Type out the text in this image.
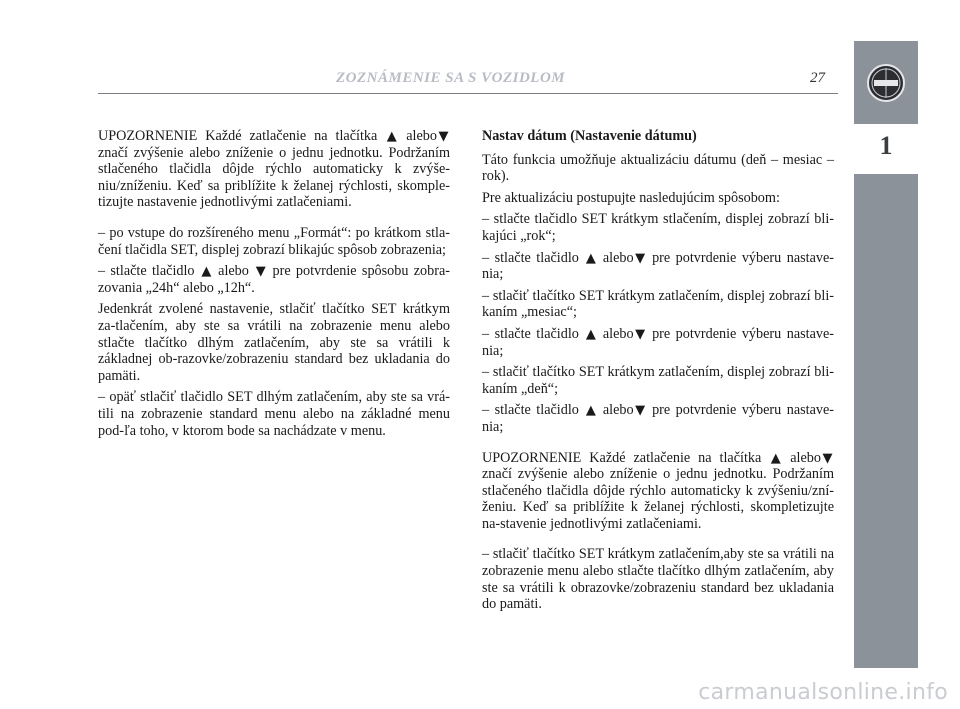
ZOZNÁMENIE SA S VOZIDLOM	27
1

UPOZORNENIE Každé zatlačenie na tlačítka ▲ alebo ▼ značí zvýšenie alebo zníženie o jednu jednotku. Podržaním stlačeného tlačidla dôjde rýchlo automaticky k zvýše-niu/zníženiu. Keď sa priblížite k želanej rýchlosti, skomple-tizujte nastavenie jednotlivými zatlačeniami.

– po vstupe do rozšíreného menu „Formát“: po krátkom stla-čení tlačidla SET, displej zobrazí blikajúc spôsob zobrazenia;

– stlačte tlačidlo ▲ alebo ▼ pre potvrdenie spôsobu zobra-zovania „24h“ alebo „12h“.

Jedenkrát zvolené nastavenie, stlačiť tlačítko SET krátkym za-tlačením, aby ste sa vrátili na zobrazenie menu alebo stlačte tlačítko dlhým zatlačením, aby ste sa vrátili k základnej ob-razovke/zobrazeniu standard bez ukladania do pamäti.

– opäť stlačiť tlačidlo SET dlhým zatlačením, aby ste sa vrá-tili na zobrazenie standard menu alebo na základné menu pod-ľa toho, v ktorom bode sa nachádzate v menu.

Nastav dátum (Nastavenie dátumu)

Táto funkcia umožňuje aktualizáciu dátumu (deň – mesiac – rok).

Pre aktualizáciu postupujte nasledujúcim spôsobom:

– stlačte tlačidlo SET krátkym stlačením, displej zobrazí bli-kajúci „rok“;

– stlačte tlačidlo ▲ alebo ▼ pre potvrdenie výberu nastave-nia;

– stlačiť tlačítko SET krátkym zatlačením, displej zobrazí bli-kaním „mesiac“;

– stlačte tlačidlo ▲ alebo ▼ pre potvrdenie výberu nastave-nia;

– stlačiť tlačítko SET krátkym zatlačením, displej zobrazí bli-kaním „deň“;

– stlačte tlačidlo ▲ alebo ▼ pre potvrdenie výberu nastave-nia;

UPOZORNENIE Každé zatlačenie na tlačítka ▲ alebo ▼ značí zvýšenie alebo zníženie o jednu jednotku. Podržaním stlačeného tlačidla dôjde rýchlo automaticky k zvýšeniu/zní-ženiu. Keď sa priblížite k želanej rýchlosti, skompletizujte na-stavenie jednotlivými zatlačeniami.

– stlačiť tlačítko SET krátkym zatlačením,aby ste sa vrátili na zobrazenie menu alebo stlačte tlačítko dlhým zatlačením, aby ste sa vrátili k obrazovke/zobrazeniu standard bez ukladania do pamäti.

carmanualsonline.info
